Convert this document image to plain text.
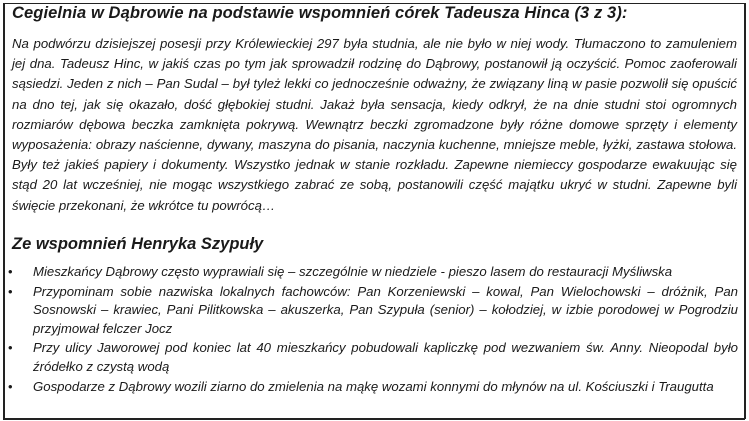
Cegielnia w Dąbrowie na podstawie wspomnień córek Tadeusza Hinca (3 z 3):

Na podwórzu dzisiejszej posesji przy Królewieckiej 297 była studnia, ale nie było w niej wody. Tłumaczono to zamuleniem jej dna. Tadeusz Hinc, w jakiś czas po tym jak sprowadził rodzinę do Dąbrowy, postanowił ją oczyścić. Pomoc zaoferowali sąsiedzi. Jeden z nich – Pan Sudal – był tyleż lekki co jednocześnie odważny, że związany liną w pasie pozwolił się opuścić na dno tej, jak się okazało, dość głębokiej studni. Jakaż była sensacja, kiedy odkrył, że na dnie studni stoi ogromnych rozmiarów dębowa beczka zamknięta pokrywą. Wewnątrz beczki zgromadzone były różne domowe sprzęty i elementy wyposażenia: obrazy naścienne, dywany, maszyna do pisania, naczynia kuchenne, mniejsze meble, łyżki, zastawa stołowa. Były też jakieś papiery i dokumenty. Wszystko jednak w stanie rozkładu. Zapewne niemieccy gospodarze ewakuując się stąd 20 lat wcześniej, nie mogąc wszystkiego zabrać ze sobą, postanowili część majątku ukryć w studni. Zapewne byli święcie przekonani, że wkrótce tu powrócą…

Ze wspomnień Henryka Szypuły
• Mieszkańcy Dąbrowy często wyprawiali się – szczególnie w niedziele - pieszo lasem do restauracji Myśliwska
• Przypominam sobie nazwiska lokalnych fachowców: Pan Korzeniewski – kowal, Pan Wielochowski – dróżnik, Pan Sosnowski – krawiec, Pani Pilitkowska – akuszerka, Pan Szypuła (senior) – kołodziej, w izbie porodowej w Pogrodziu przyjmował felczer Jocz
• Przy ulicy Jaworowej pod koniec lat 40 mieszkańcy pobudowali kapliczkę pod wezwaniem św. Anny. Nieopodal było źródełko z czystą wodą
• Gospodarze z Dąbrowy wozili ziarno do zmielenia na mąkę wozami konnymi do młynów na ul. Kościuszki i Traugutta
